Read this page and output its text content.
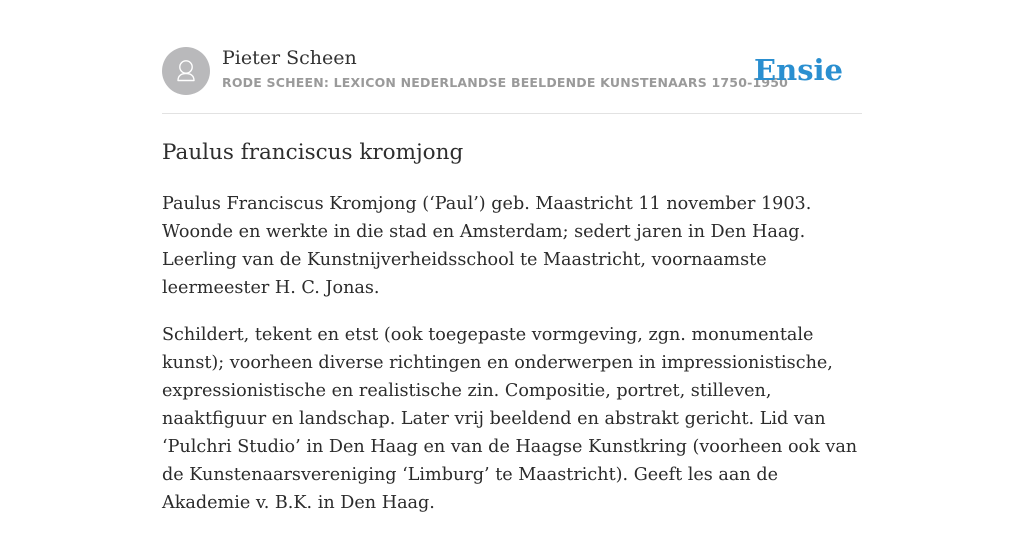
Pieter Scheen
RODE SCHEEN: LEXICON NEDERLANDSE BEELDENDE KUNSTENAARS 1750-1950
Ensie
Paulus franciscus kromjong

Paulus Franciscus Kromjong (‘Paul’) geb. Maastricht 11 november 1903. Woonde en werkte in die stad en Amsterdam; sedert jaren in Den Haag. Leerling van de Kunstnijverheidsschool te Maastricht, voornaamste leermeester H. C. Jonas.

Schildert, tekent en etst (ook toegepaste vormgeving, zgn. monumentale kunst); voorheen diverse richtingen en onderwerpen in impressionistische, expressionistische en realistische zin. Compositie, portret, stilleven, naaktfiguur en landschap. Later vrij beeldend en abstrakt gericht. Lid van ‘Pulchri Studio’ in Den Haag en van de Haagse Kunstkring (voorheen ook van de Kunstenaarsvereniging ‘Limburg’ te Maastricht). Geeft les aan de Akademie v. B.K. in Den Haag.
